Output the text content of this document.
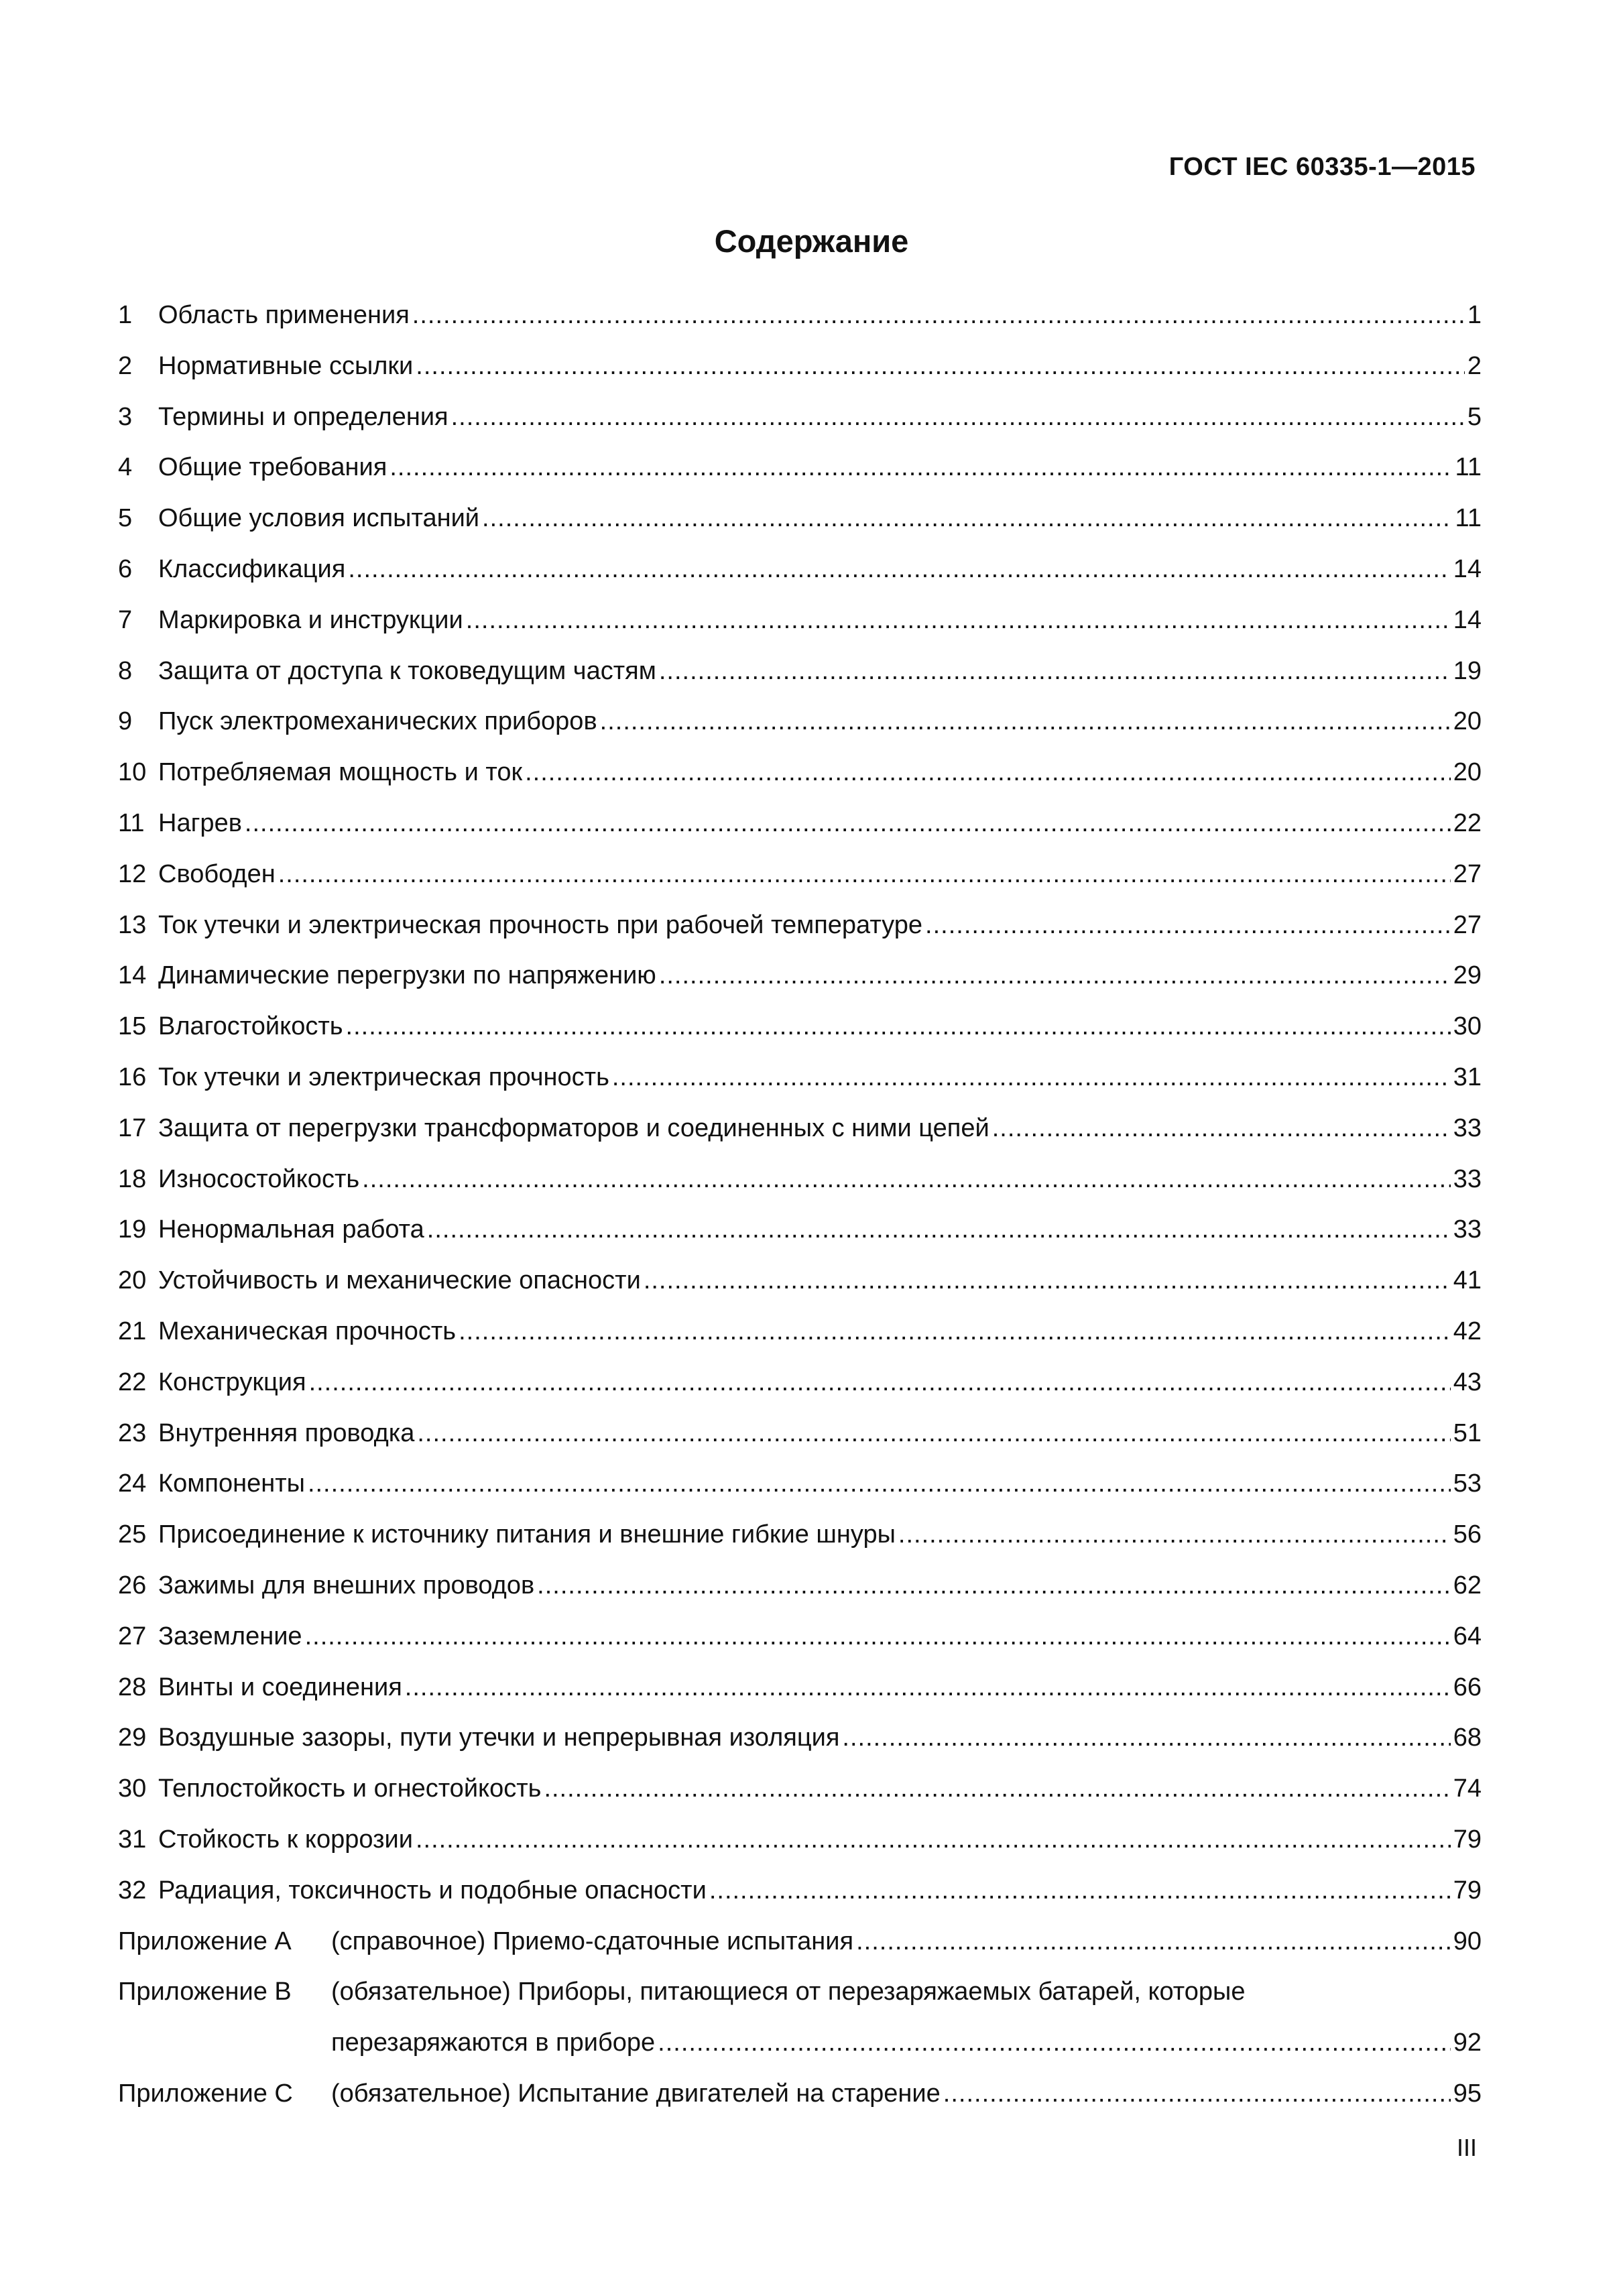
ГОСТ IEC 60335-1—2015
Содержание
1	Область применения .....	1
2	Нормативные ссылки .....	2
3	Термины и определения .....	5
4	Общие требования .....	11
5	Общие условия испытаний .....	11
6	Классификация .....	14
7	Маркировка и инструкции .....	14
8	Защита от доступа к токоведущим частям .....	19
9	Пуск электромеханических приборов .....	20
10 Потребляемая мощность и ток .....	20
11 Нагрев .....	22
12 Свободен .....	27
13 Ток утечки и электрическая прочность при рабочей температуре .....	27
14 Динамические перегрузки по напряжению .....	29
15 Влагостойкость .....	30
16 Ток утечки и электрическая прочность .....	31
17 Защита от перегрузки трансформаторов и соединенных с ними цепей .....	33
18 Износостойкость .....	33
19 Ненормальная работа .....	33
20 Устойчивость и механические опасности .....	41
21 Механическая прочность .....	42
22 Конструкция .....	43
23 Внутренняя проводка .....	51
24 Компоненты .....	53
25 Присоединение к источнику питания и внешние гибкие шнуры .....	56
26 Зажимы для внешних проводов .....	62
27 Заземление .....	64
28 Винты и соединения .....	66
29 Воздушные зазоры, пути утечки и непрерывная изоляция .....	68
30 Теплостойкость и огнестойкость .....	74
31 Стойкость к коррозии .....	79
32 Радиация, токсичность и подобные опасности .....	79
Приложение A	(справочное) Приемо-сдаточные испытания .....	90
Приложение B	(обязательное) Приборы, питающиеся от перезаряжаемых батарей, которые
перезаряжаются в приборе .....	92
Приложение C	(обязательное) Испытание двигателей на старение .....	95
III
